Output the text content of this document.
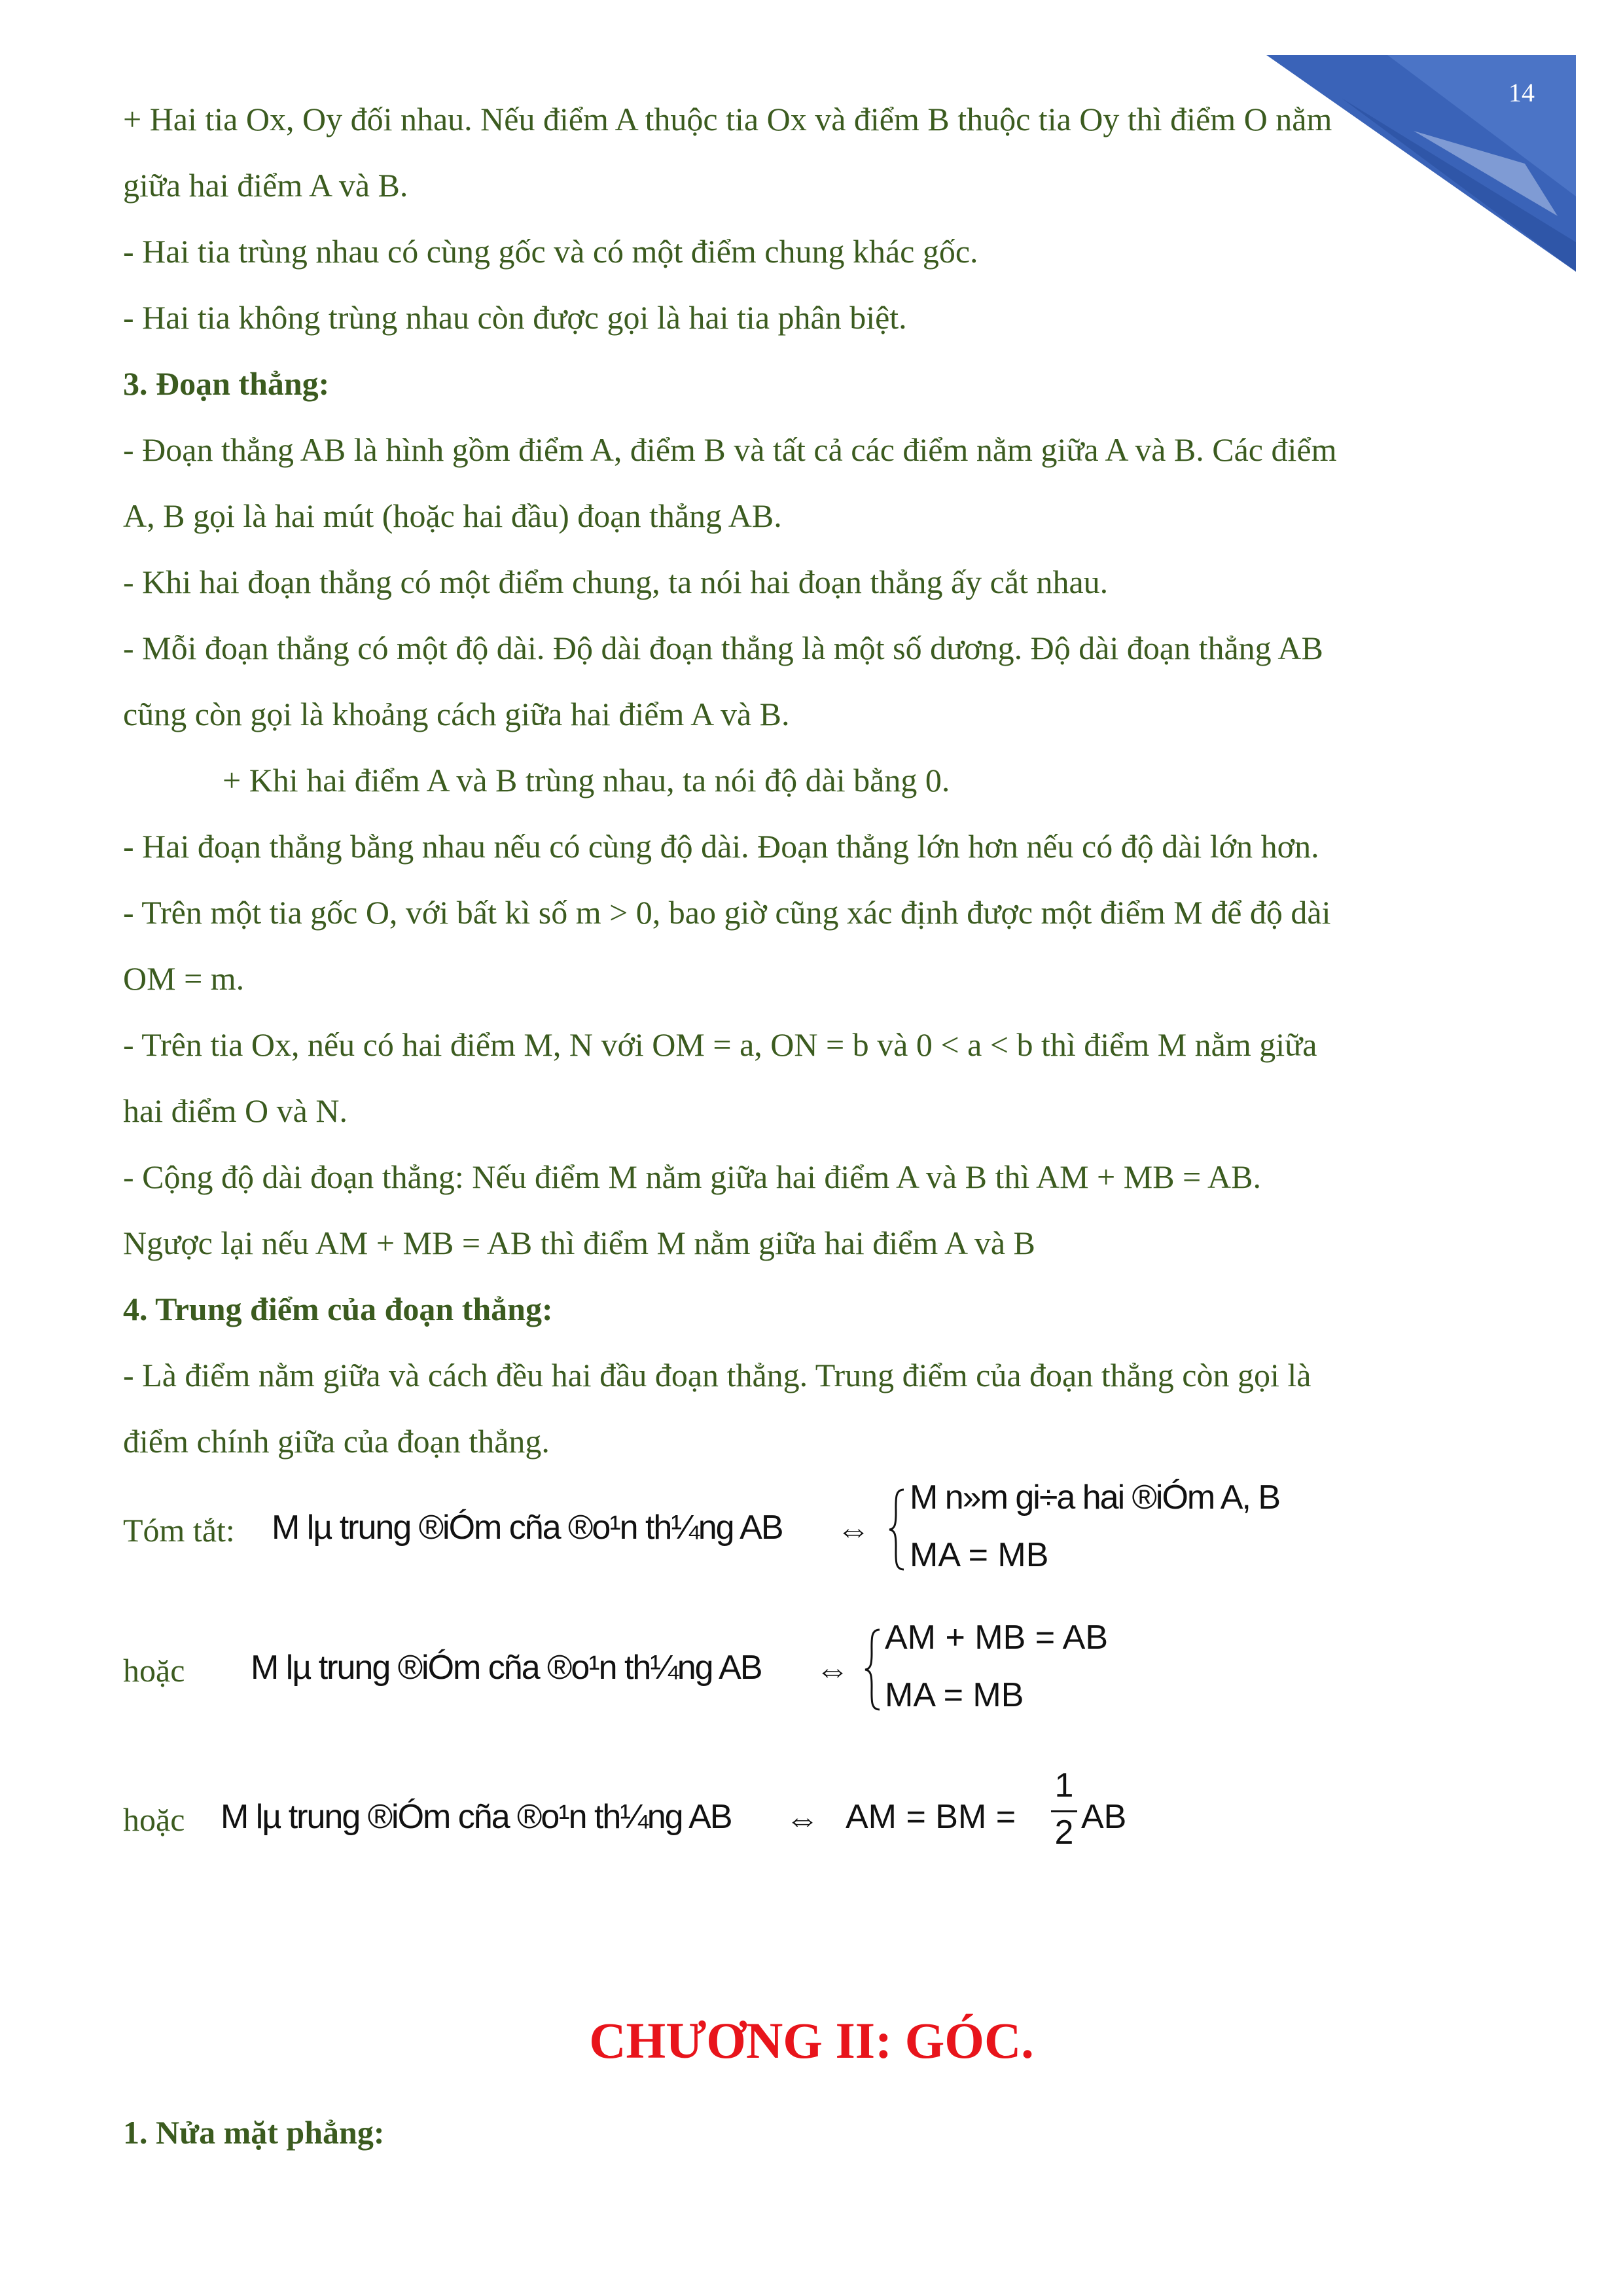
14

+ Hai tia Ox, Oy đối nhau. Nếu điểm A thuộc tia Ox và điểm B thuộc tia Oy thì điểm O nằm

giữa hai điểm A và B.

- Hai tia trùng nhau có cùng gốc và có một điểm chung khác gốc.

- Hai tia không trùng nhau còn được gọi là hai tia phân biệt.

3. Đoạn thẳng:

- Đoạn thẳng AB là hình gồm điểm A, điểm B và tất cả các điểm nằm giữa A và B. Các điểm

A, B gọi là hai mút (hoặc hai đầu) đoạn thẳng AB.

- Khi hai đoạn thẳng có một điểm chung, ta nói hai đoạn thẳng ấy cắt nhau.

- Mỗi đoạn thẳng có một độ dài. Độ dài đoạn thẳng là một số dương. Độ dài đoạn thẳng AB

cũng còn gọi là khoảng cách giữa hai điểm A và B.

+ Khi hai điểm A và B trùng nhau, ta nói độ dài bằng 0.

- Hai đoạn thẳng bằng nhau nếu có cùng độ dài. Đoạn thẳng lớn hơn nếu có độ dài lớn hơn.

- Trên một tia gốc O, với bất kì số m > 0, bao giờ cũng xác định được một điểm M để độ dài

OM = m.

- Trên tia Ox, nếu có hai điểm M, N với OM = a, ON = b và 0 < a < b thì điểm M nằm giữa

hai điểm O và N.

- Cộng độ dài đoạn thẳng: Nếu điểm M nằm giữa hai điểm A và B thì AM + MB = AB.

Ngược lại nếu AM + MB = AB thì điểm M nằm giữa hai điểm A và B

4. Trung điểm của đoạn thẳng:

- Là điểm nằm giữa và cách đều hai đầu đoạn thẳng. Trung điểm của đoạn thẳng còn gọi là

điểm chính giữa của đoạn thẳng.

Tóm tắt: M lµ trung ®iÓm cña ®o¹n th¼ng AB ⇔
M n»m gi÷a hai ®iÓm A, B
MA = MB
hoặc M lµ trung ®iÓm cña ®o¹n th¼ng AB ⇔
AM + MB = AB
MA = MB
hoặc M lµ trung ®iÓm cña ®o¹n th¼ng AB ⇔ AM = BM =
1
2 AB
CHƯƠNG II: GÓC.
1. Nửa mặt phẳng:
